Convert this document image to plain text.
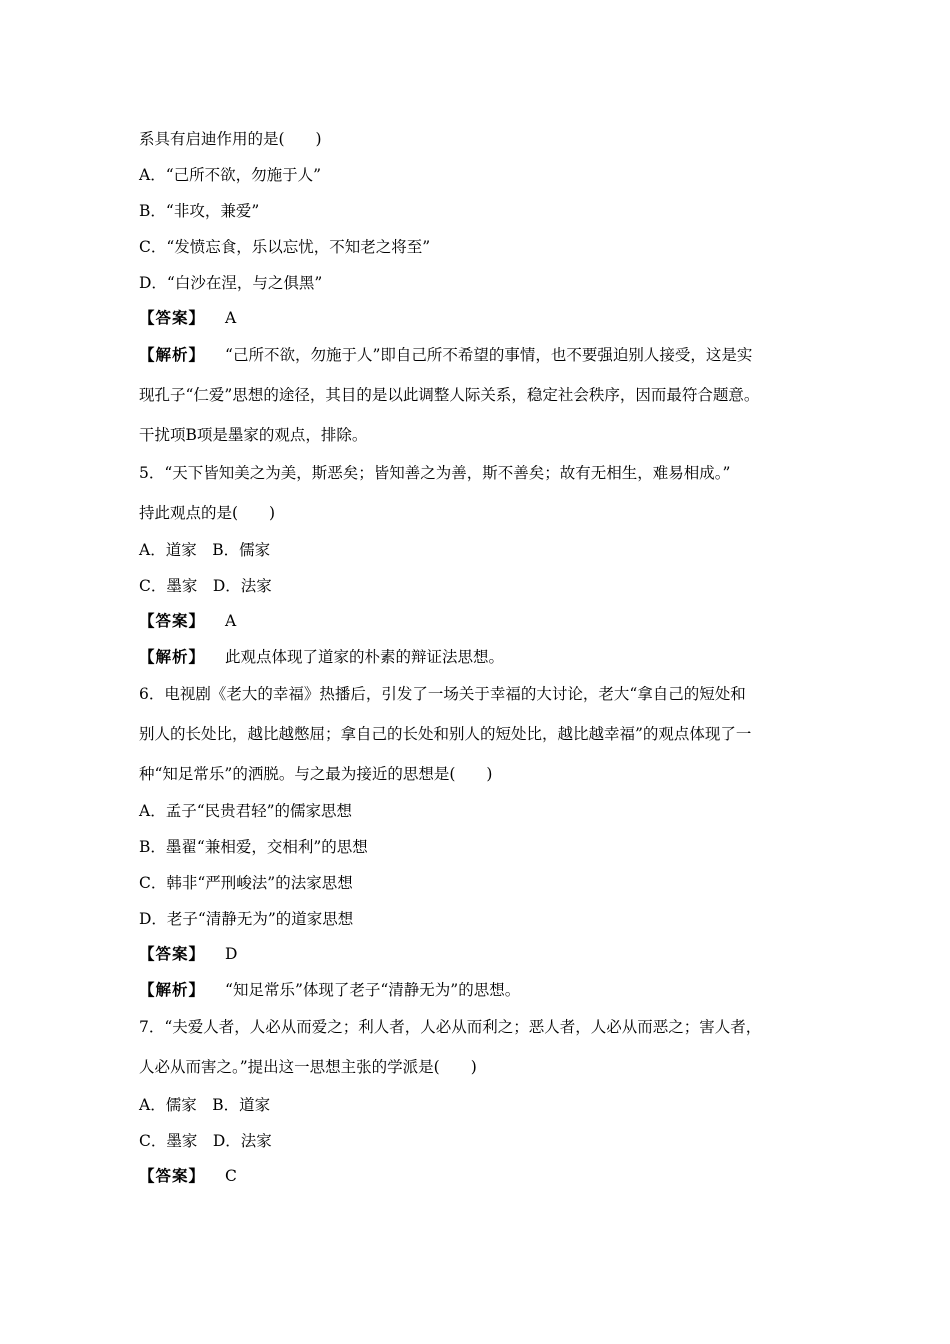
系具有启迪作用的是(　　)
A．“己所不欲，勿施于人”
B．“非攻，兼爱”
C．“发愤忘食，乐以忘忧，不知老之将至”
D．“白沙在涅，与之俱黑”
【答案】 A
【解析】 “己所不欲，勿施于人”即自己所不希望的事情，也不要强迫别人接受，这是实
现孔子“仁爱”思想的途径，其目的是以此调整人际关系，稳定社会秩序，因而最符合题意。
干扰项B项是墨家的观点，排除。
5．“天下皆知美之为美，斯恶矣；皆知善之为善，斯不善矣；故有无相生，难易相成。”
持此观点的是(　　)
A．道家　B．儒家
C．墨家　D．法家
【答案】 A
【解析】 此观点体现了道家的朴素的辩证法思想。
6．电视剧《老大的幸福》热播后，引发了一场关于幸福的大讨论，老大“拿自己的短处和
别人的长处比，越比越憋屈；拿自己的长处和别人的短处比，越比越幸福”的观点体现了一
种“知足常乐”的洒脱。与之最为接近的思想是(　　)
A．孟子“民贵君轻”的儒家思想
B．墨翟“兼相爱，交相利”的思想
C．韩非“严刑峻法”的法家思想
D．老子“清静无为”的道家思想
【答案】 D
【解析】 “知足常乐”体现了老子“清静无为”的思想。
7．“夫爱人者，人必从而爱之；利人者，人必从而利之；恶人者，人必从而恶之；害人者，
人必从而害之。”提出这一思想主张的学派是(　　)
A．儒家　B．道家
C．墨家　D．法家
【答案】 C
